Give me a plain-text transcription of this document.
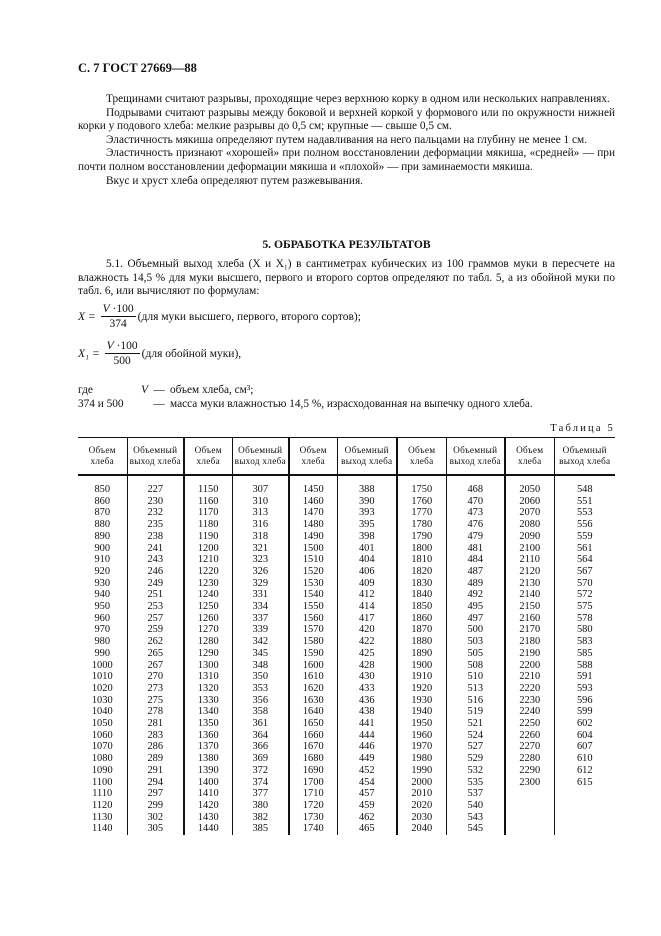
С. 7 ГОСТ 27669—88

Трещинами считают разрывы, проходящие через верхнюю корку в одном или нескольких направлениях.

Подрывами считают разрывы между боковой и верхней коркой у формового или по окружности нижней корки у подового хлеба: мелкие разрывы до 0,5 см; крупные — свыше 0,5 см.

Эластичность мякиша определяют путем надавливания на него пальцами на глубину не менее 1 см.

Эластичность признают «хорошей» при полном восстановлении деформации мякиша, «средней» — при почти полном восстановлении деформации мякиша и «плохой» — при заминаемости мякиша.

Вкус и хруст хлеба определяют путем разжевывания.

5. ОБРАБОТКА РЕЗУЛЬТАТОВ

5.1. Объемный выход хлеба (X и X₁) в сантиметрах кубических из 100 граммов муки в пересчете на влажность 14,5 % для муки высшего, первого и второго сортов определяют по табл. 5, а из обойной муки по табл. 6, или вычисляют по формулам:

$X = \frac{V \cdot 100}{374} (для$ муки высшего, первого, второго сортов);
$X_1 = \frac{V \cdot 100}{500} (для$ обойной муки),
где	V — объем хлеба, см³;
374 и 500	— масса муки влажностью 14,5 %, израсходованная на выпечку одного хлеба.
Таблица 5
Объем хлеба	Объемный выход хлеба	Объем хлеба	Объемный выход хлеба	Объем хлеба	Объемный выход хлеба	Объем хлеба	Объемный выход хлеба	Объем хлеба	Объемный выход хлеба
850	227	1150	307	1450	388	1750	468	2050	548
860	230	1160	310	1460	390	1760	470	2060	551
870	232	1170	313	1470	393	1770	473	2070	553
880	235	1180	316	1480	395	1780	476	2080	556
890	238	1190	318	1490	398	1790	479	2090	559
900	241	1200	321	1500	401	1800	481	2100	561
910	243	1210	323	1510	404	1810	484	2110	564
920	246	1220	326	1520	406	1820	487	2120	567
930	249	1230	329	1530	409	1830	489	2130	570
940	251	1240	331	1540	412	1840	492	2140	572
950	253	1250	334	1550	414	1850	495	2150	575
960	257	1260	337	1560	417	1860	497	2160	578
970	259	1270	339	1570	420	1870	500	2170	580
980	262	1280	342	1580	422	1880	503	2180	583
990	265	1290	345	1590	425	1890	505	2190	585
1000	267	1300	348	1600	428	1900	508	2200	588
1010	270	1310	350	1610	430	1910	510	2210	591
1020	273	1320	353	1620	433	1920	513	2220	593
1030	275	1330	356	1630	436	1930	516	2230	596
1040	278	1340	358	1640	438	1940	519	2240	599
1050	281	1350	361	1650	441	1950	521	2250	602
1060	283	1360	364	1660	444	1960	524	2260	604
1070	286	1370	366	1670	446	1970	527	2270	607
1080	289	1380	369	1680	449	1980	529	2280	610
1090	291	1390	372	1690	452	1990	532	2290	612
1100	294	1400	374	1700	454	2000	535	2300	615
1110	297	1410	377	1710	457	2010	537		
1120	299	1420	380	1720	459	2020	540		
1130	302	1430	382	1730	462	2030	543		
1140	305	1440	385	1740	465	2040	545		
